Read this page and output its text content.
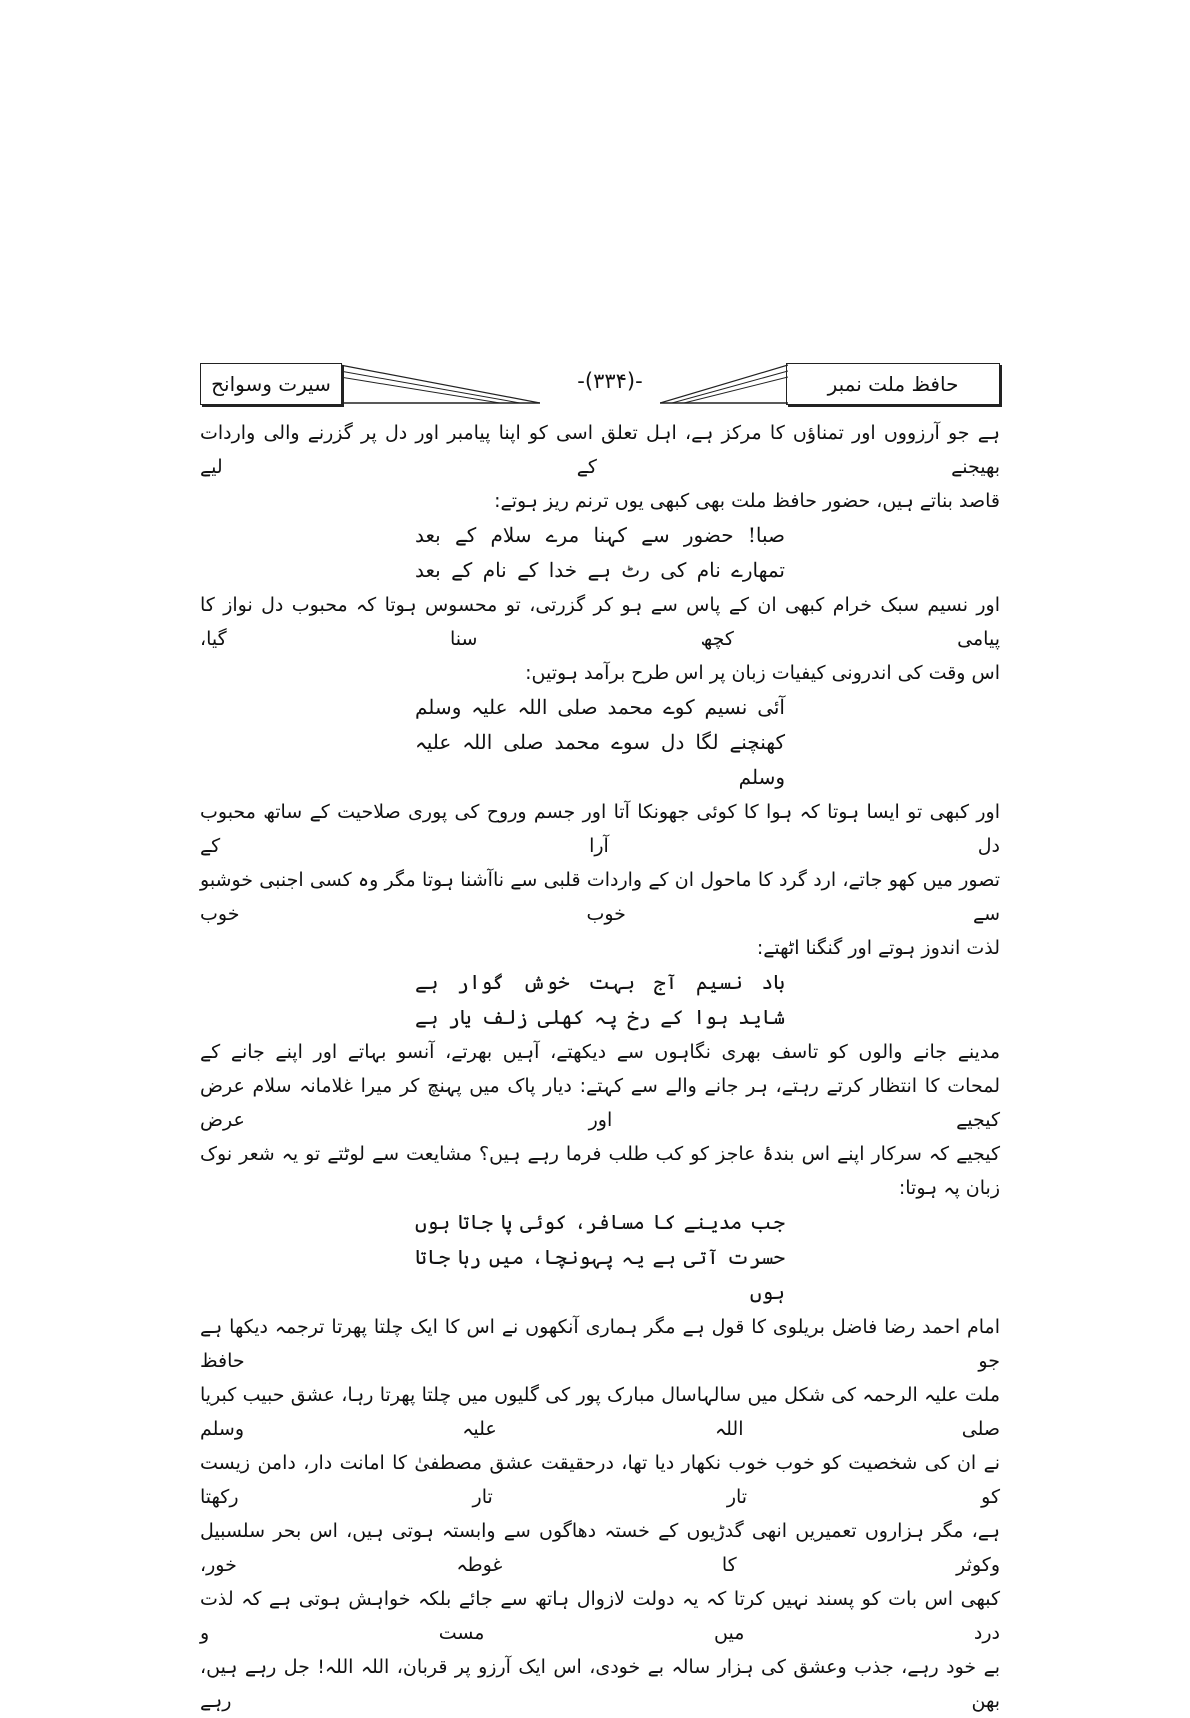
حافظ ملت نمبر
-(۳۳۴)-
سیرت وسوانح

ہے جو آرزووں اور تمناؤں کا مرکز ہے، اہل تعلق اسی کو اپنا پیامبر اور دل پر گزرنے والی واردات بھیجنے کے لیے
قاصد بناتے ہیں، حضور حافظ ملت بھی کبھی یوں ترنم ریز ہوتے:

صبا! حضور سے کہنا مرے سلام کے بعد
تمھارے نام کی رٹ ہے خدا کے نام کے بعد

اور نسیم سبک خرام کبھی ان کے پاس سے ہو کر گزرتی، تو محسوس ہوتا کہ محبوب دل نواز کا پیامی کچھ سنا گیا،
اس وقت کی اندرونی کیفیات زبان پر اس طرح برآمد ہوتیں:

آئی نسیم کوے محمد صلی اللہ علیہ وسلم
کھنچنے لگا دل سوے محمد صلی اللہ علیہ وسلم

اور کبھی تو ایسا ہوتا کہ ہوا کا کوئی جھونکا آتا اور جسم وروح کی پوری صلاحیت کے ساتھ محبوب دل آرا کے
تصور میں کھو جاتے، ارد گرد کا ماحول ان کے واردات قلبی سے ناآشنا ہوتا مگر وہ کسی اجنبی خوشبو سے خوب خوب
لذت اندوز ہوتے اور گنگنا اٹھتے:

باد نسیم آج بہت خوش گوار ہے
شاید ہوا کے رخ پہ کھلی زلف یار ہے

مدینے جانے والوں کو تاسف بھری نگاہوں سے دیکھتے، آہیں بھرتے، آنسو بہاتے اور اپنے جانے کے
لمحات کا انتظار کرتے رہتے، ہر جانے والے سے کہتے: دیار پاک میں پہنچ کر میرا غلامانہ سلام عرض کیجیے اور عرض
کیجیے کہ سرکار اپنے اس بندۂ عاجز کو کب طلب فرما رہے ہیں؟ مشایعت سے لوٹتے تو یہ شعر نوک زبان پہ ہوتا:

جب مدینے کا مسافر، کوئی پا جاتا ہوں
حسرت آتی ہے یہ پہونچا، میں رہا جاتا ہوں

امام احمد رضا فاضل بریلوی کا قول ہے مگر ہماری آنکھوں نے اس کا ایک چلتا پھرتا ترجمہ دیکھا ہے جو حافظ
ملت علیہ الرحمہ کی شکل میں سالہاسال مبارک پور کی گلیوں میں چلتا پھرتا رہا، عشق حبیب کبریا صلی اللہ علیہ وسلم
نے ان کی شخصیت کو خوب خوب نکھار دیا تھا، درحقیقت عشق مصطفیٰ کا امانت دار، دامن زیست کو تار تار رکھتا
ہے، مگر ہزاروں تعمیریں انھی گدڑیوں کے خستہ دھاگوں سے وابستہ ہوتی ہیں، اس بحر سلسبیل وکوثر کا غوطہ خور،
کبھی اس بات کو پسند نہیں کرتا کہ یہ دولت لازوال ہاتھ سے جائے بلکہ خواہش ہوتی ہے کہ لذت درد میں مست و
بے خود رہے، جذب وعشق کی ہزار سالہ بے خودی، اس ایک آرزو پر قربان، اللہ اللہ! جل رہے ہیں، بھن رہے
